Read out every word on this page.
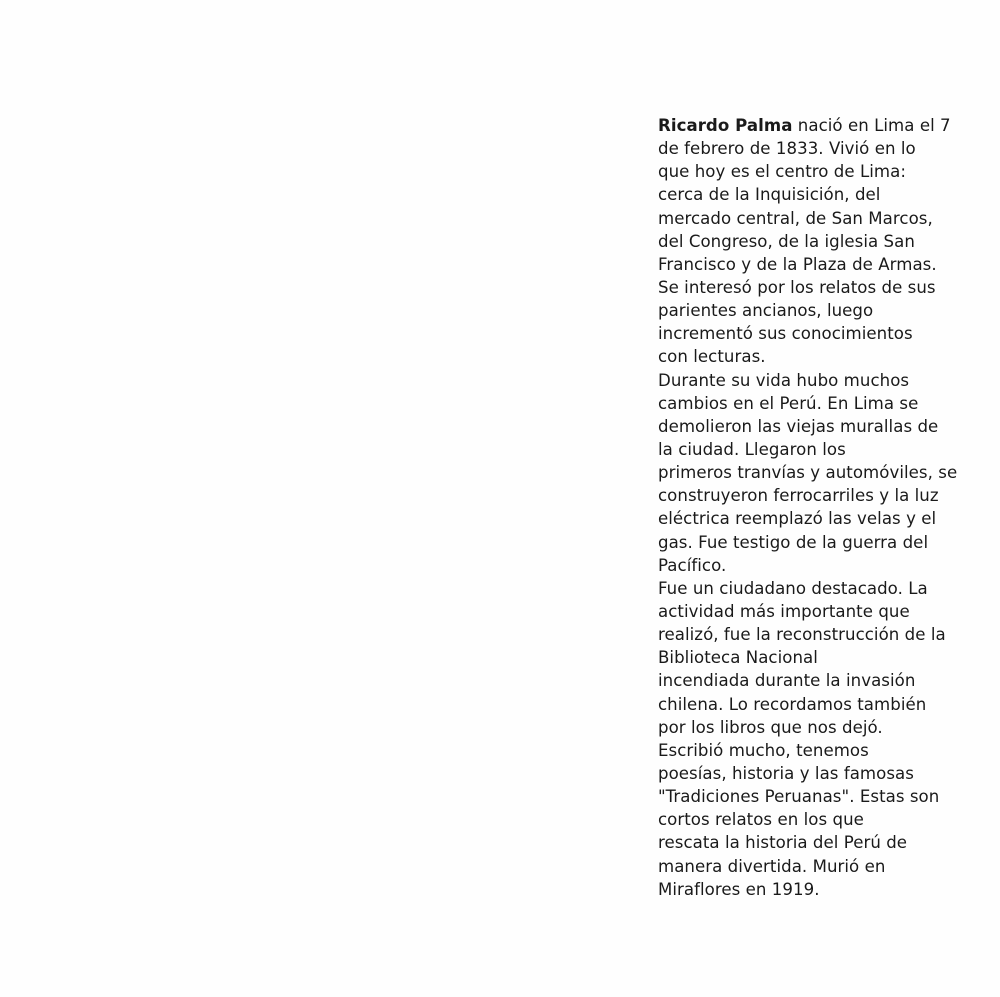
Ricardo Palma nació en Lima el 7
de febrero de 1833. Vivió en lo
que hoy es el centro de Lima:
cerca de la Inquisición, del
mercado central, de San Marcos,
del Congreso, de la iglesia San
Francisco y de la Plaza de Armas.
Se interesó por los relatos de sus
parientes ancianos, luego
incrementó sus conocimientos
con lecturas.
Durante su vida hubo muchos
cambios en el Perú. En Lima se
demolieron las viejas murallas de
la ciudad. Llegaron los
primeros tranvías y automóviles, se
construyeron ferrocarriles y la luz
eléctrica reemplazó las velas y el
gas. Fue testigo de la guerra del
Pacífico.
Fue un ciudadano destacado. La
actividad más importante que
realizó, fue la reconstrucción de la
Biblioteca Nacional
incendiada durante la invasión
chilena. Lo recordamos también
por los libros que nos dejó.
Escribió mucho, tenemos
poesías, historia y las famosas
"Tradiciones Peruanas". Estas son
cortos relatos en los que
rescata la historia del Perú de
manera divertida. Murió en
Miraflores en 1919.
